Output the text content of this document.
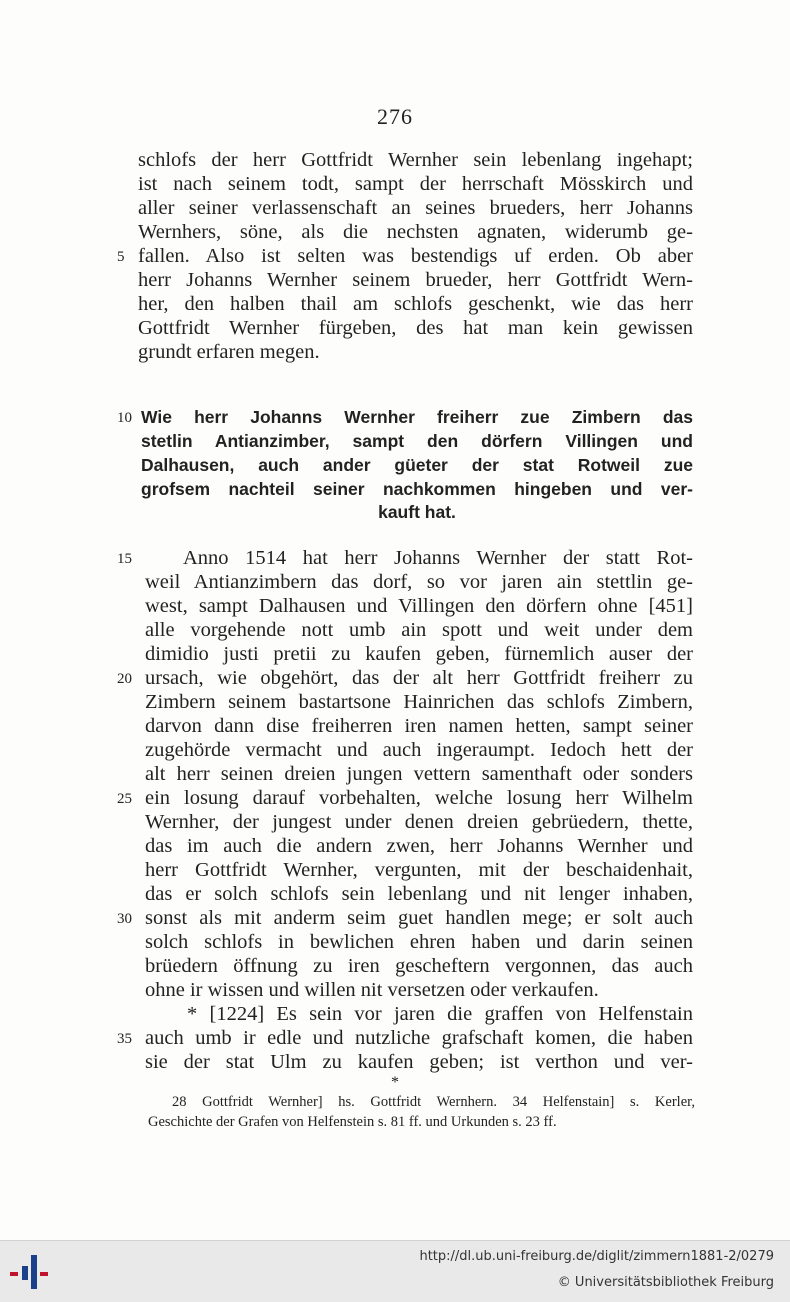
276
schlofs der herr Gottfridt Wernher sein lebenlang ingehapt;
ist nach seinem todt, sampt der herrschaft Mösskirch und
aller seiner verlassenschaft an seines brueders, herr Johanns
Wernhers, söne, als die nechsten agnaten, widerumb ge-
5 fallen. Also ist selten was bestendigs uf erden. Ob aber
herr Johanns Wernher seinem brueder, herr Gottfridt Wern-
her, den halben thail am schlofs geschenkt, wie das herr
Gottfridt Wernher fürgeben, des hat man kein gewissen
grundt erfaren megen.
10 Wie herr Johanns Wernher freiherr zue Zimbern das
stetlin Antianzimber, sampt den dörfern Villingen und
Dalhausen, auch ander güeter der stat Rotweil zue
grofsem nachteil seiner nachkommen hingeben und ver-
kauft hat.
15 Anno 1514 hat herr Johanns Wernher der statt Rot-
weil Antianzimbern das dorf, so vor jaren ain stettlin ge-
west, sampt Dalhausen und Villingen den dörfern ohne [451]
alle vorgehende nott umb ain spott und weit under dem
dimidio justi pretii zu kaufen geben, fürnemlich auser der
20 ursach, wie obgehört, das der alt herr Gottfridt freiherr zu
Zimbern seinem bastartsone Hainrichen das schlofs Zimbern,
darvon dann dise freiherren iren namen hetten, sampt seiner
zugehörde vermacht und auch ingeraumpt. Iedoch hett der
alt herr seinen dreien jungen vettern samenthaft oder sonders
25 ein losung darauf vorbehalten, welche losung herr Wilhelm
Wernher, der jungest under denen dreien gebrüedern, thette,
das im auch die andern zwen, herr Johanns Wernher und
herr Gottfridt Wernher, vergunten, mit der beschaidenhait,
das er solch schlofs sein lebenlang und nit lenger inhaben,
30 sonst als mit anderm seim guet handlen mege; er solt auch
solch schlofs in bewlichen ehren haben und darin seinen
brüedern öffnung zu iren gescheftern vergonnen, das auch
ohne ir wissen und willen nit versetzen oder verkaufen.
* [1224] Es sein vor jaren die graffen von Helfenstain
35 auch umb ir edle und nutzliche grafschaft komen, die haben
sie der stat Ulm zu kaufen geben; ist verthon und ver-
*
28 Gottfridt Wernher] hs. Gottfridt Wernhern. 34 Helfenstain] s. Kerler,
Geschichte der Grafen von Helfenstein s. 81 ff. und Urkunden s. 23 ff.
http://dl.ub.uni-freiburg.de/diglit/zimmern1881-2/0279
© Universitätsbibliothek Freiburg
